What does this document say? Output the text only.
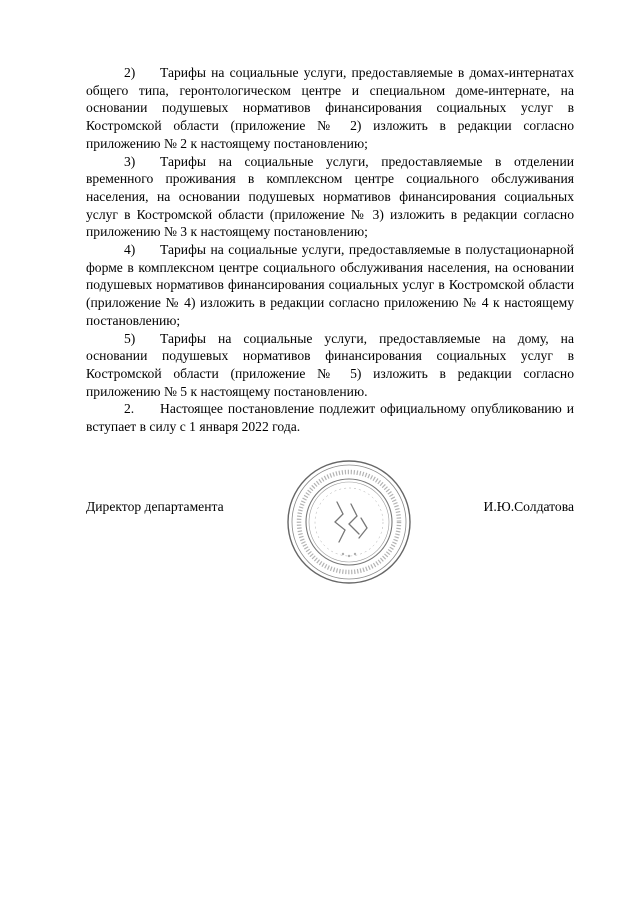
2) Тарифы на социальные услуги, предоставляемые в домах-интернатах общего типа, геронтологическом центре и специальном доме-интернате, на основании подушевых нормативов финансирования социальных услуг в Костромской области (приложение № 2) изложить в редакции согласно приложению № 2 к настоящему постановлению;

3) Тарифы на социальные услуги, предоставляемые в отделении временного проживания в комплексном центре социального обслуживания населения, на основании подушевых нормативов финансирования социальных услуг в Костромской области (приложение № 3) изложить в редакции согласно приложению № 3 к настоящему постановлению;

4) Тарифы на социальные услуги, предоставляемые в полустационарной форме в комплексном центре социального обслуживания населения, на основании подушевых нормативов финансирования социальных услуг в Костромской области (приложение № 4) изложить в редакции согласно приложению № 4 к настоящему постановлению;

5) Тарифы на социальные услуги, предоставляемые на дому, на основании подушевых нормативов финансирования социальных услуг в Костромской области (приложение № 5) изложить в редакции согласно приложению № 5 к настоящему постановлению.

2. Настоящее постановление подлежит официальному опубликованию и вступает в силу с 1 января 2022 года.

Директор департамента	И.Ю.Солдатова
